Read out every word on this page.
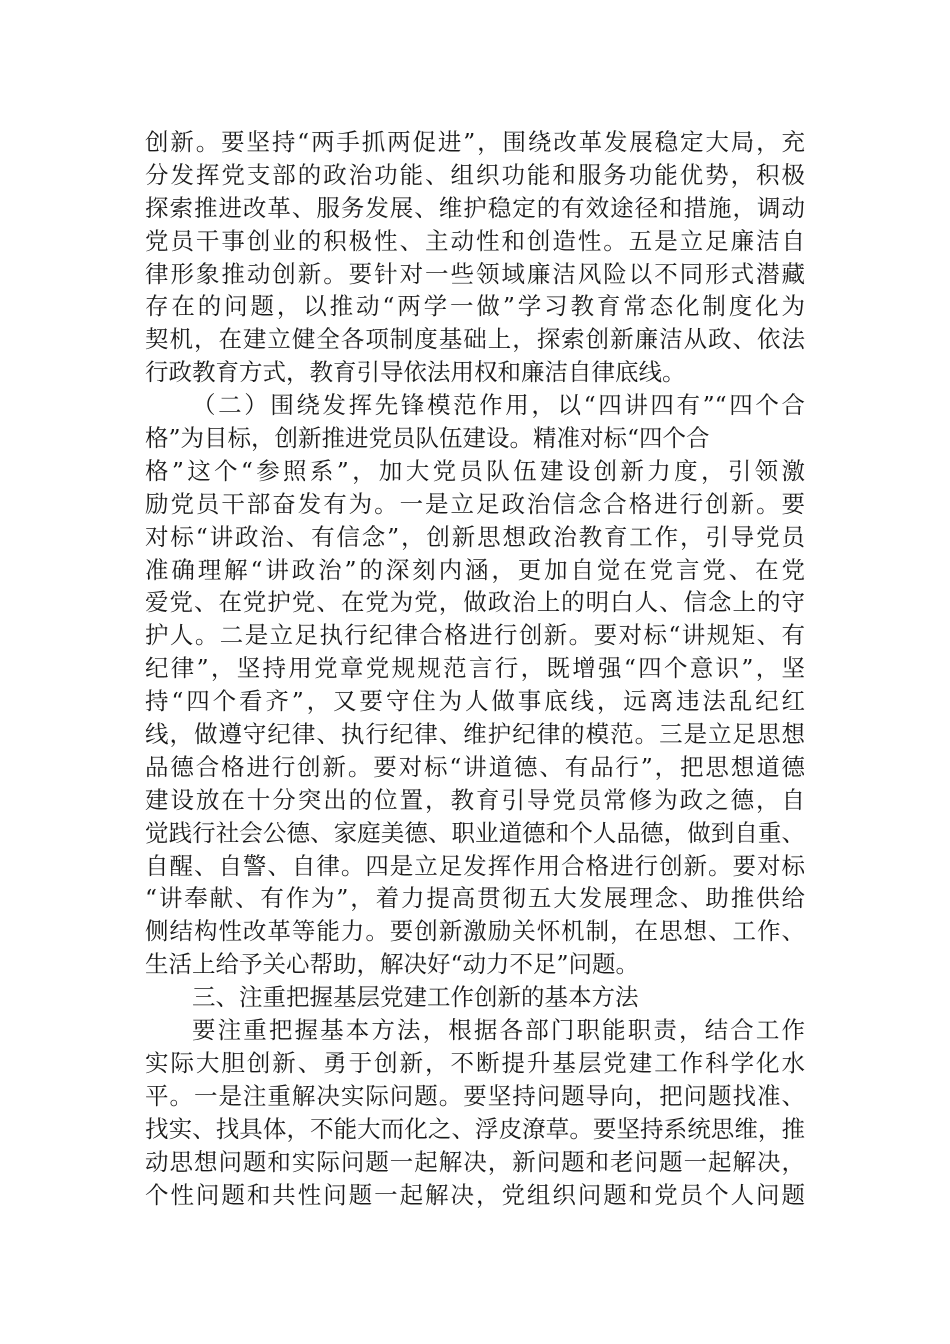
创新。要坚持“两手抓两促进”，围绕改革发展稳定大局，充
分发挥党支部的政治功能、组织功能和服务功能优势，积极
探索推进改革、服务发展、维护稳定的有效途径和措施，调动
党员干事创业的积极性、主动性和创造性。五是立足廉洁自
律形象推动创新。要针对一些领域廉洁风险以不同形式潜藏
存在的问题，以推动“两学一做”学习教育常态化制度化为
契机，在建立健全各项制度基础上，探索创新廉洁从政、依法
行政教育方式，教育引导依法用权和廉洁自律底线。
（二）围绕发挥先锋模范作用，以“四讲四有”“四个合
格”为目标，创新推进党员队伍建设。精准对标“四个合
格”这个“参照系”，加大党员队伍建设创新力度，引领激
励党员干部奋发有为。一是立足政治信念合格进行创新。要
对标“讲政治、有信念”，创新思想政治教育工作，引导党员
准确理解“讲政治”的深刻内涵，更加自觉在党言党、在党
爱党、在党护党、在党为党，做政治上的明白人、信念上的守
护人。二是立足执行纪律合格进行创新。要对标“讲规矩、有
纪律”，坚持用党章党规规范言行，既增强“四个意识”，坚
持“四个看齐”，又要守住为人做事底线，远离违法乱纪红
线，做遵守纪律、执行纪律、维护纪律的模范。三是立足思想
品德合格进行创新。要对标“讲道德、有品行”，把思想道德
建设放在十分突出的位置，教育引导党员常修为政之德，自
觉践行社会公德、家庭美德、职业道德和个人品德，做到自重、
自醒、自警、自律。四是立足发挥作用合格进行创新。要对标
“讲奉献、有作为”，着力提高贯彻五大发展理念、助推供给
侧结构性改革等能力。要创新激励关怀机制，在思想、工作、
生活上给予关心帮助，解决好“动力不足”问题。
三、注重把握基层党建工作创新的基本方法
要注重把握基本方法，根据各部门职能职责，结合工作
实际大胆创新、勇于创新，不断提升基层党建工作科学化水
平。一是注重解决实际问题。要坚持问题导向，把问题找准、
找实、找具体，不能大而化之、浮皮潦草。要坚持系统思维，推
动思想问题和实际问题一起解决，新问题和老问题一起解决，
个性问题和共性问题一起解决，党组织问题和党员个人问题
